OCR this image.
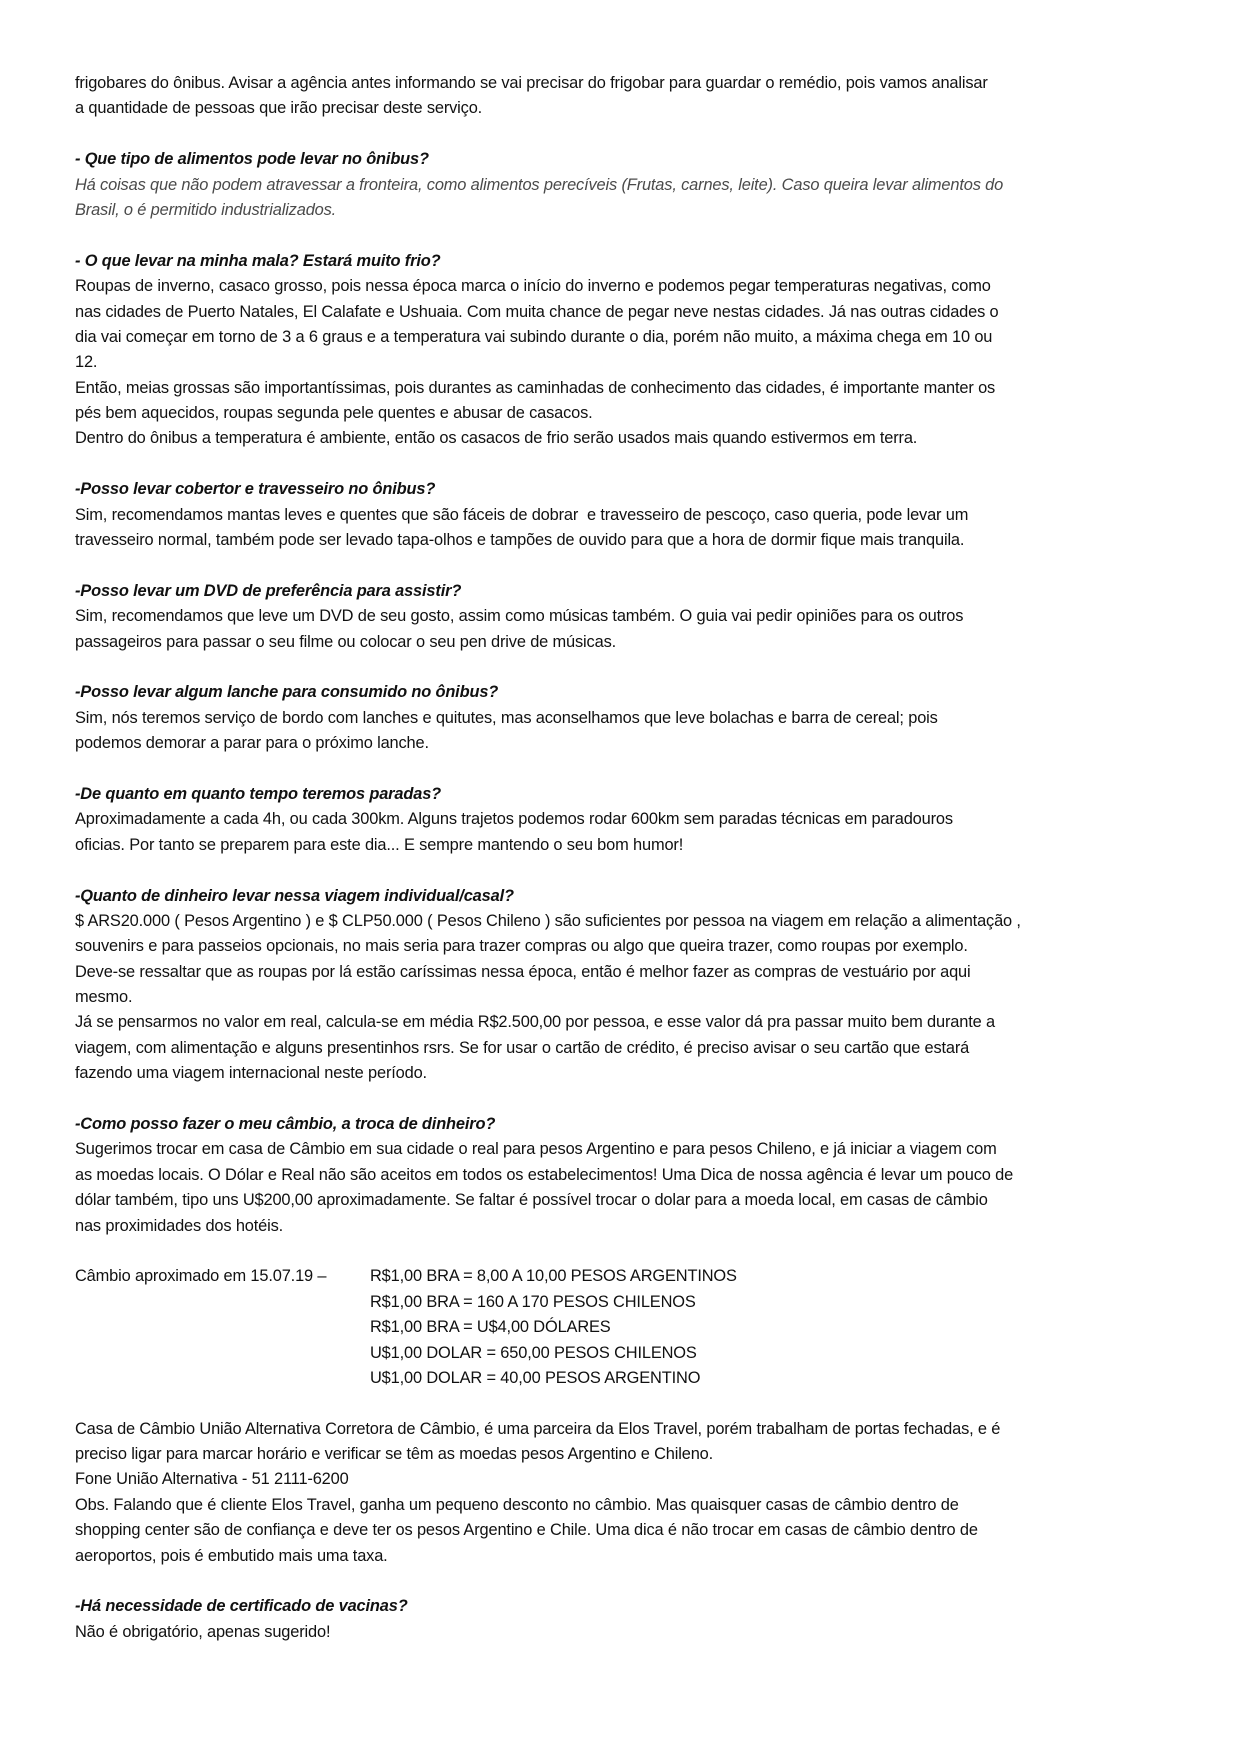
frigobares do ônibus. Avisar a agência antes informando se vai precisar do frigobar para guardar o remédio, pois vamos analisar
a quantidade de pessoas que irão precisar deste serviço.
- Que tipo de alimentos pode levar no ônibus?
Há coisas que não podem atravessar a fronteira, como alimentos perecíveis (Frutas, carnes, leite). Caso queira levar alimentos do
Brasil, o é permitido industrializados.
- O que levar na minha mala? Estará muito frio?
Roupas de inverno, casaco grosso, pois nessa época marca o início do inverno e podemos pegar temperaturas negativas, como
nas cidades de Puerto Natales, El Calafate e Ushuaia. Com muita chance de pegar neve nestas cidades. Já nas outras cidades o
dia vai começar em torno de 3 a 6 graus e a temperatura vai subindo durante o dia, porém não muito, a máxima chega em 10 ou
12.
Então, meias grossas são importantíssimas, pois durantes as caminhadas de conhecimento das cidades, é importante manter os
pés bem aquecidos, roupas segunda pele quentes e abusar de casacos.
Dentro do ônibus a temperatura é ambiente, então os casacos de frio serão usados mais quando estivermos em terra.
-Posso levar cobertor e travesseiro no ônibus?
Sim, recomendamos mantas leves e quentes que são fáceis de dobrar  e travesseiro de pescoço, caso queria, pode levar um
travesseiro normal, também pode ser levado tapa-olhos e tampões de ouvido para que a hora de dormir fique mais tranquila.
-Posso levar um DVD de preferência para assistir?
Sim, recomendamos que leve um DVD de seu gosto, assim como músicas também. O guia vai pedir opiniões para os outros
passageiros para passar o seu filme ou colocar o seu pen drive de músicas.
-Posso levar algum lanche para consumido no ônibus?
Sim, nós teremos serviço de bordo com lanches e quitutes, mas aconselhamos que leve bolachas e barra de cereal; pois
podemos demorar a parar para o próximo lanche.
-De quanto em quanto tempo teremos paradas?
Aproximadamente a cada 4h, ou cada 300km. Alguns trajetos podemos rodar 600km sem paradas técnicas em paradouros
oficias. Por tanto se preparem para este dia... E sempre mantendo o seu bom humor!
-Quanto de dinheiro levar nessa viagem individual/casal?
$ ARS20.000 ( Pesos Argentino ) e $ CLP50.000 ( Pesos Chileno ) são suficientes por pessoa na viagem em relação a alimentação ,
souvenirs e para passeios opcionais, no mais seria para trazer compras ou algo que queira trazer, como roupas por exemplo.
Deve-se ressaltar que as roupas por lá estão caríssimas nessa época, então é melhor fazer as compras de vestuário por aqui
mesmo.
Já se pensarmos no valor em real, calcula-se em média R$2.500,00 por pessoa, e esse valor dá pra passar muito bem durante a
viagem, com alimentação e alguns presentinhos rsrs. Se for usar o cartão de crédito, é preciso avisar o seu cartão que estará
fazendo uma viagem internacional neste período.
-Como posso fazer o meu câmbio, a troca de dinheiro?
Sugerimos trocar em casa de Câmbio em sua cidade o real para pesos Argentino e para pesos Chileno, e já iniciar a viagem com
as moedas locais. O Dólar e Real não são aceitos em todos os estabelecimentos! Uma Dica de nossa agência é levar um pouco de
dólar também, tipo uns U$200,00 aproximadamente. Se faltar é possível trocar o dolar para a moeda local, em casas de câmbio
nas proximidades dos hotéis.
Câmbio aproximado em 15.07.19 –	R$1,00 BRA = 8,00 A 10,00 PESOS ARGENTINOS
R$1,00 BRA = 160 A 170 PESOS CHILENOS
R$1,00 BRA = U$4,00 DÓLARES
U$1,00 DOLAR = 650,00 PESOS CHILENOS
U$1,00 DOLAR = 40,00 PESOS ARGENTINO
Casa de Câmbio União Alternativa Corretora de Câmbio, é uma parceira da Elos Travel, porém trabalham de portas fechadas, e é
preciso ligar para marcar horário e verificar se têm as moedas pesos Argentino e Chileno.
Fone União Alternativa - 51 2111-6200
Obs. Falando que é cliente Elos Travel, ganha um pequeno desconto no câmbio. Mas quaisquer casas de câmbio dentro de
shopping center são de confiança e deve ter os pesos Argentino e Chile. Uma dica é não trocar em casas de câmbio dentro de
aeroportos, pois é embutido mais uma taxa.
-Há necessidade de certificado de vacinas?
Não é obrigatório, apenas sugerido!
